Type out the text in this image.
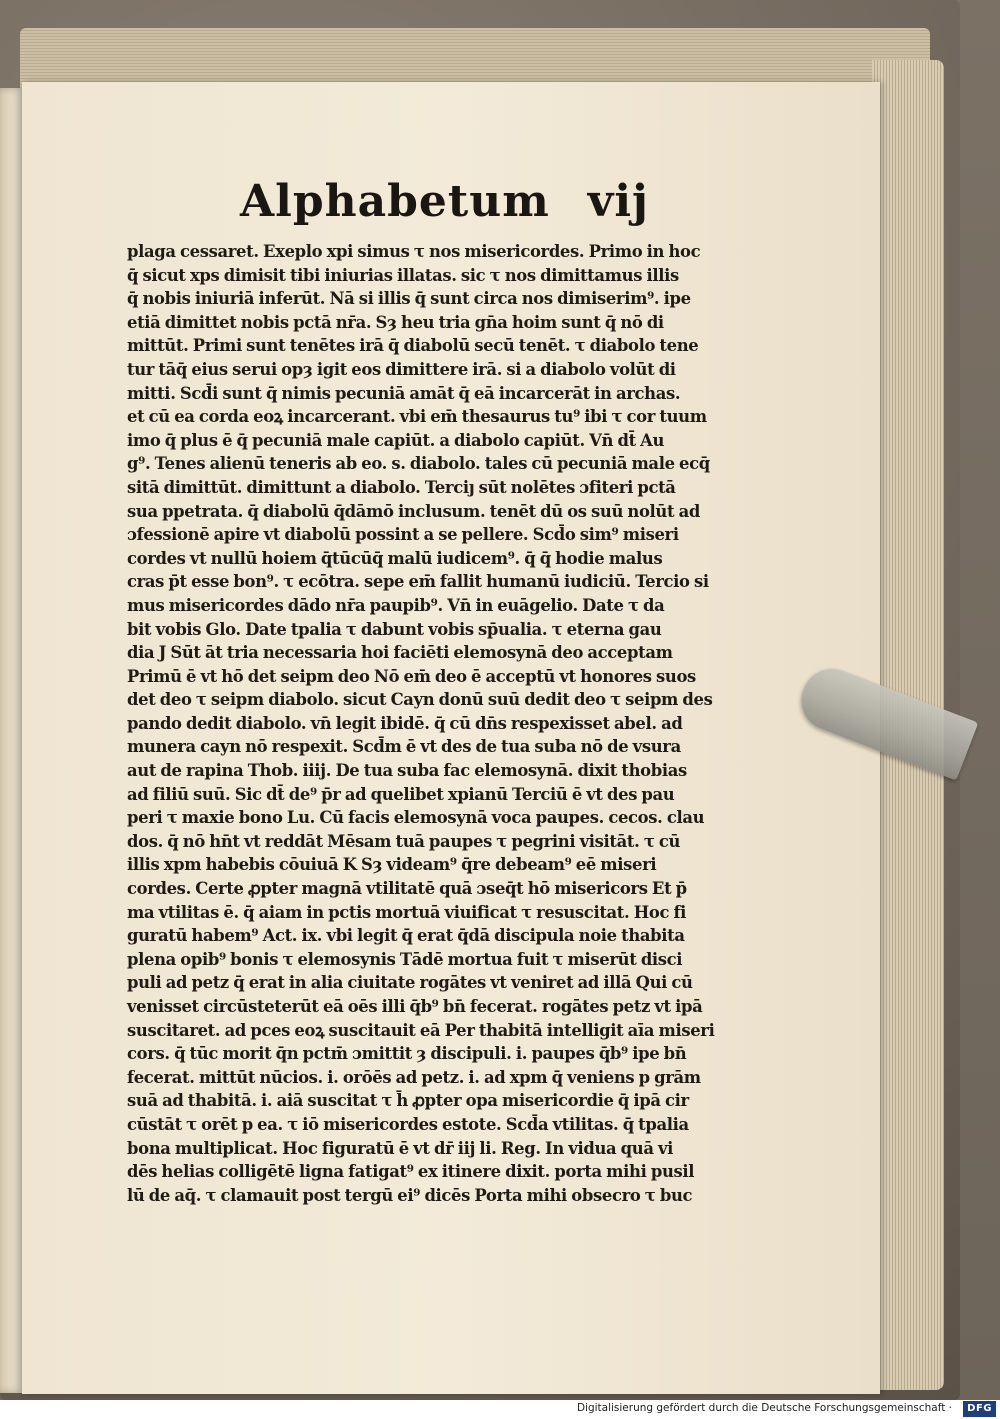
Alphabetum vij
plaga cessaret. Exeplo xpi simus τ nos misericordes. Primo in hoc
q̄ sicut xps dimisit tibi iniurias illatas. sic τ nos dimittamus illis
q̄ nobis iniuriā inferūt. Nā si illis q̄ sunt circa nos dimiserim⁹. ipe
etiā dimittet nobis pctā nr̄a. Sȝ heu tria gn̄a hoim sunt q̄ nō di
mittūt. Primi sunt tenētes irā q̄ diabolū secū tenēt. τ diabolo tene
tur tāq̄ eius serui opȝ igit eos dimittere irā. si a diabolo volūt di
mitti. Scd̄i sunt q̄ nimis pecuniā amāt q̄ eā incarcerāt in archas.
et cū ea corda eoꝝ incarcerant. vbi em̄ thesaurus tu⁹ ibi τ cor tuum
imo q̄ plus ē q̄ pecuniā male capiūt. a diabolo capiūt. Vn̄ dt̄ Au
g⁹. Tenes alienū teneris ab eo. s. diabolo. tales cū pecuniā male ecq̄
sitā dimittūt. dimittunt a diabolo. Terciȷ sūt nolētes ɔfiteri pctā
sua ppetrata. q̄ diabolū q̄dāmō inclusum. tenēt dū os suū nolūt ad
ɔfessionē apire vt diabolū possint a se pellere. Scd̄o sim⁹ miseri
cordes vt nullū hoiem q̄tūcūq̄ malū iudicem⁹. q̄ q̄ hodie malus
cras p̄t esse bon⁹. τ ecōtra. sepe em̄ fallit humanū iudiciū. Tercio si
mus misericordes dādo nr̄a paupib⁹. Vn̄ in euāgelio. Date τ da
bit vobis Glo. Date tpalia τ dabunt vobis sp̄ualia. τ eterna gau
dia J Sūt āt tria necessaria hoi faciēti elemosynā deo acceptam
Primū ē vt hō det seipm deo Nō em̄ deo ē acceptū vt honores suos
det deo τ seipm diabolo. sicut Cayn donū suū dedit deo τ seipm des
pando dedit diabolo. vn̄ legit ibidē. q̄ cū dn̄s respexisset abel. ad
munera cayn nō respexit. Scd̄m ē vt des de tua suba nō de vsura
aut de rapina Thob. iiij. De tua suba fac elemosynā. dixit thobias
ad filiū suū. Sic dt̄ de⁹ p̄r ad quelibet xpianū Terciū ē vt des pau
peri τ maxie bono Lu. Cū facis elemosynā voca paupes. cecos. clau
dos. q̄ nō hn̄t vt reddāt Mēsam tuā paupes τ pegrini visitāt. τ cū
illis xpm habebis cōuiuā K Sȝ videam⁹ q̄re debeam⁹ eē miseri
cordes. Certe ꝓpter magnā vtilitatē quā ɔseq̄t hō misericors Et p̄
ma vtilitas ē. q̄ aiam in pctis mortuā viuificat τ resuscitat. Hoc fi
guratū habem⁹ Act. ix. vbi legit q̄ erat q̄dā discipula noie thabita
plena opib⁹ bonis τ elemosynis Tādē mortua fuit τ miserūt disci
puli ad petz q̄ erat in alia ciuitate rogātes vt veniret ad illā Qui cū
venisset circūsteterūt eā oēs illi q̄b⁹ bn̄ fecerat. rogātes petz vt ipā
suscitaret. ad pces eoꝝ suscitauit eā Per thabitā intelligit aīa miseri
cors. q̄ tūc morit q̄n pctm̄ ɔmittit ȝ discipuli. i. paupes q̄b⁹ ipe bn̄
fecerat. mittūt nūcios. i. orōēs ad petz. i. ad xpm q̄ veniens p grām
suā ad thabitā. i. aiā suscitat τ h̄ ꝓpter opa misericordie q̄ ipā cir
cūstāt τ orēt p ea. τ iō misericordes estote. Scd̄a vtilitas. q̄ tpalia
bona multiplicat. Hoc figuratū ē vt dr̄ iij li. Reg. In vidua quā vi
dēs helias colligētē ligna fatigat⁹ ex itinere dixit. porta mihi pusil
lū de aq̄. τ clamauit post tergū ei⁹ dicēs Porta mihi obsecro τ buc
Digitalisierung gefördert durch die Deutsche Forschungsgemeinschaft ·	DFG
